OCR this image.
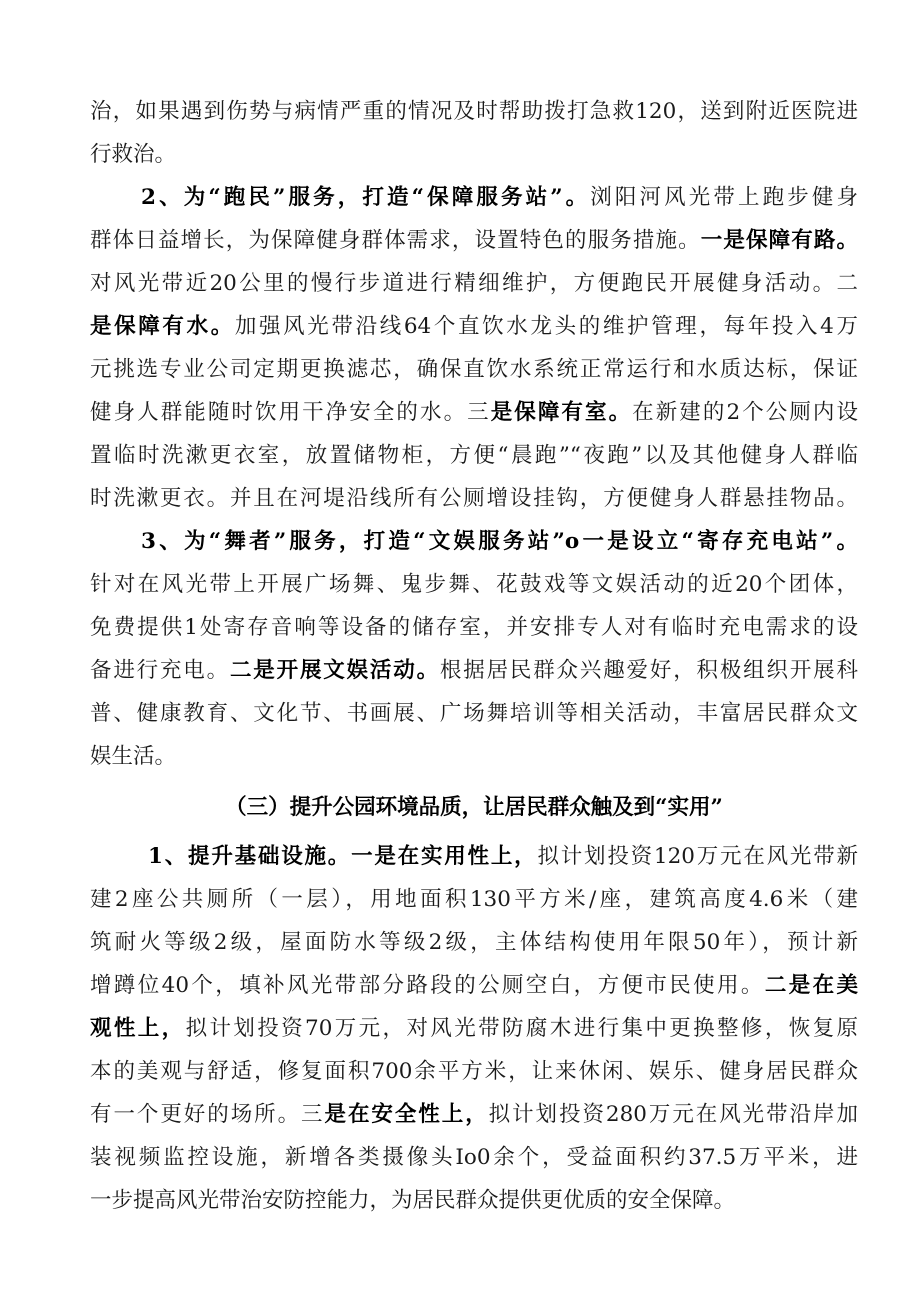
治，如果遇到伤势与病情严重的情况及时帮助拨打急救120，送到附近医院进
行救治。
2、为“跑民”服务，打造“保障服务站”。浏阳河风光带上跑步健身
群体日益增长，为保障健身群体需求，设置特色的服务措施。一是保障有路。
对风光带近20公里的慢行步道进行精细维护，方便跑民开展健身活动。二
是保障有水。加强风光带沿线64个直饮水龙头的维护管理，每年投入4万
元挑选专业公司定期更换滤芯，确保直饮水系统正常运行和水质达标，保证
健身人群能随时饮用干净安全的水。三是保障有室。在新建的2个公厕内设
置临时洗漱更衣室，放置储物柜，方便“晨跑”“夜跑”以及其他健身人群临
时洗漱更衣。并且在河堤沿线所有公厕增设挂钩，方便健身人群悬挂物品。
3、为“舞者”服务，打造“文娱服务站”o一是设立“寄存充电站”。
针对在风光带上开展广场舞、鬼步舞、花鼓戏等文娱活动的近20个团体，
免费提供1处寄存音响等设备的储存室，并安排专人对有临时充电需求的设
备进行充电。二是开展文娱活动。根据居民群众兴趣爱好，积极组织开展科
普、健康教育、文化节、书画展、广场舞培训等相关活动，丰富居民群众文
娱生活。
（三）提升公园环境品质，让居民群众触及到“实用”
1、提升基础设施。一是在实用性上，拟计划投资120万元在风光带新
建2座公共厕所（一层），用地面积130平方米/座，建筑高度4.6米（建
筑耐火等级2级，屋面防水等级2级，主体结构使用年限50年），预计新
增蹲位40个，填补风光带部分路段的公厕空白，方便市民使用。二是在美
观性上，拟计划投资70万元，对风光带防腐木进行集中更换整修，恢复原
本的美观与舒适，修复面积700余平方米，让来休闲、娱乐、健身居民群众
有一个更好的场所。三是在安全性上，拟计划投资280万元在风光带沿岸加
装视频监控设施，新增各类摄像头Io0余个，受益面积约37.5万平米，进
一步提高风光带治安防控能力，为居民群众提供更优质的安全保障。
